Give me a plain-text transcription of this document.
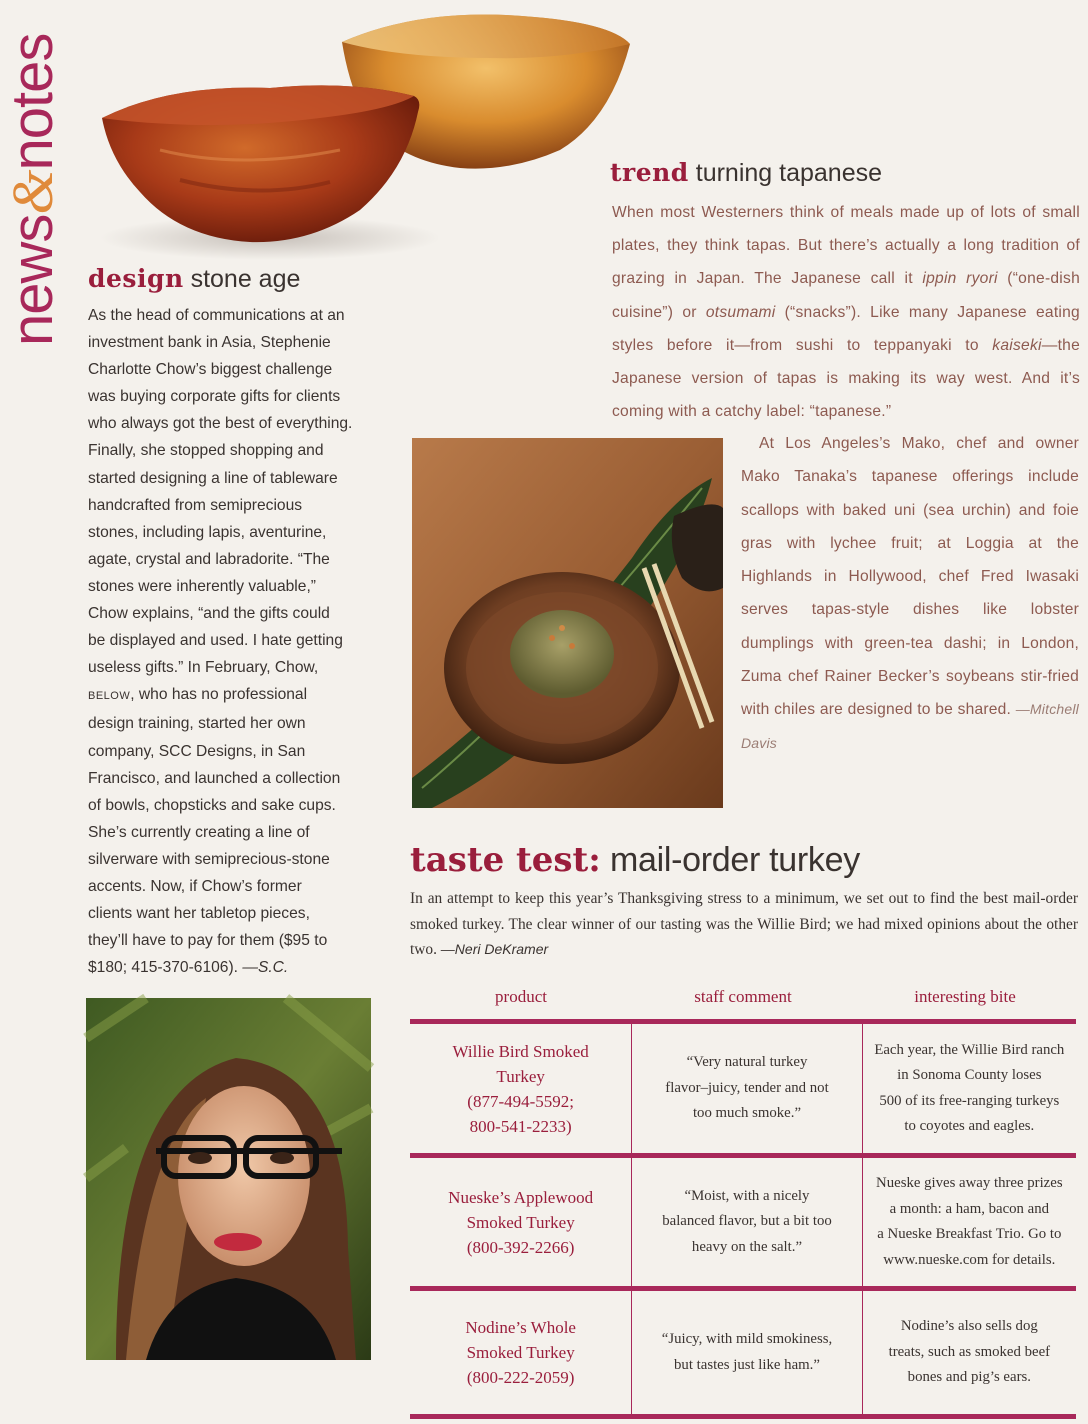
news&notes
design stone age
As the head of communications at an
investment bank in Asia, Stephenie
Charlotte Chow’s biggest challenge
was buying corporate gifts for clients
who always got the best of everything.
Finally, she stopped shopping and
started designing a line of tableware
handcrafted from semiprecious
stones, including lapis, aventurine,
agate, crystal and labradorite. “The
stones were inherently valuable,”
Chow explains, “and the gifts could
be displayed and used. I hate getting
useless gifts.” In February, Chow,
BELOW, who has no professional
design training, started her own
company, SCC Designs, in San
Francisco, and launched a collection
of bowls, chopsticks and sake cups.
She’s currently creating a line of
silverware with semiprecious-stone
accents. Now, if Chow’s former
clients want her tabletop pieces,
they’ll have to pay for them ($95 to
$180; 415-370-6106). —S.C.
trend turning tapanese
When most Westerners think of meals made up of lots of small plates, they think tapas. But there’s actually a long tradition of grazing in Japan. The Japanese call it ippin ryori (“one-dish cuisine”) or otsumami (“snacks”). Like many Japanese eating styles before it—from sushi to teppanyaki to kaiseki—the Japanese version of tapas is making its way west. And it’s coming with a catchy label: “tapanese.”
At Los Angeles’s Mako, chef and owner Mako Tanaka’s tapanese offerings include scallops with baked uni (sea urchin) and foie gras with lychee fruit; at Loggia at the Highlands in Hollywood, chef Fred Iwasaki serves tapas-style dishes like lobster dumplings with green-tea dashi; in London, Zuma chef Rainer Becker’s soybeans stir-fried with chiles are designed to be shared. —Mitchell Davis
taste test: mail-order turkey
In an attempt to keep this year’s Thanksgiving stress to a minimum, we set out to find the best mail-order smoked turkey. The clear winner of our tasting was the Willie Bird; we had mixed opinions about the other two. —Neri DeKramer
product	staff comment	interesting bite
Willie Bird Smoked
Turkey
(877-494-5592;
800-541-2233)
“Very natural turkey
flavor–juicy, tender and not
too much smoke.”
Each year, the Willie Bird ranch
in Sonoma County loses
500 of its free-ranging turkeys
to coyotes and eagles.
Nueske’s Applewood
Smoked Turkey
(800-392-2266)
“Moist, with a nicely
balanced flavor, but a bit too
heavy on the salt.”
Nueske gives away three prizes
a month: a ham, bacon and
a Nueske Breakfast Trio. Go to
www.nueske.com for details.
Nodine’s Whole
Smoked Turkey
(800-222-2059)
“Juicy, with mild smokiness,
but tastes just like ham.”
Nodine’s also sells dog
treats, such as smoked beef
bones and pig’s ears.
